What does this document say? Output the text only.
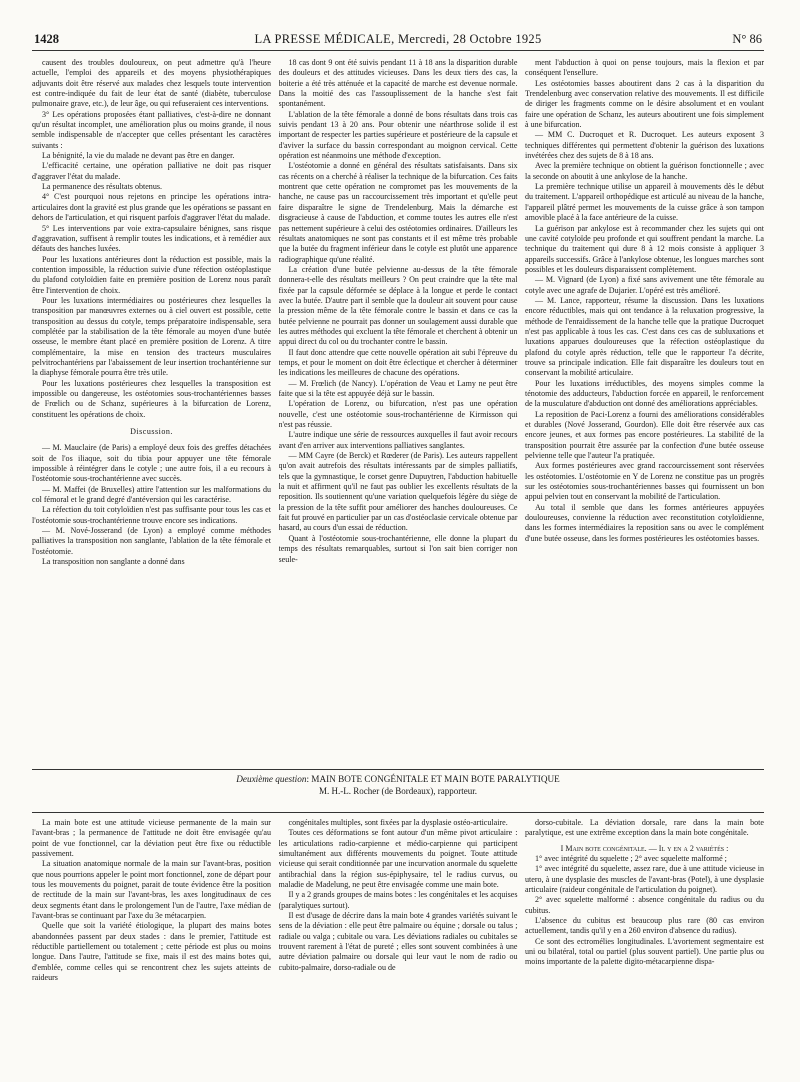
1428	LA PRESSE MÉDICALE, Mercredi, 28 Octobre 1925	N° 86

causent des troubles douloureux, on peut admettre qu'à l'heure actuelle, l'emploi des appareils et des moyens physiothérapiques adjuvants doit être réservé aux malades chez lesquels toute intervention est contre-indiquée du fait de leur état de santé (diabète, tuberculose pulmonaire grave, etc.), de leur âge, ou qui refuseraient ces interventions.

3° Les opérations proposées étant palliatives, c'est-à-dire ne donnant qu'un résultat incomplet, une amélioration plus ou moins grande, il nous semble indispensable de n'accepter que celles présentant les caractères suivants :

La bénignité, la vie du malade ne devant pas être en danger.

L'efficacité certaine, une opération palliative ne doit pas risquer d'aggraver l'état du malade.

La permanence des résultats obtenus.

4° C'est pourquoi nous rejetons en principe les opérations intra-articulaires dont la gravité est plus grande que les opérations se passant en dehors de l'articulation, et qui risquent parfois d'aggraver l'état du malade.

5° Les interventions par voie extra-capsulaire bénignes, sans risque d'aggravation, suffisent à remplir toutes les indications, et à remédier aux défauts des hanches luxées.

Pour les luxations antérieures dont la réduction est possible, mais la contention impossible, la réduction suivie d'une réfection ostéoplastique du plafond cotyloïdien faite en première position de Lorenz nous paraît être l'intervention de choix.

Pour les luxations intermédiaires ou postérieures chez lesquelles la transposition par manœuvres externes ou à ciel ouvert est possible, cette transposition au dessus du cotyle, temps préparatoire indispensable, sera complétée par la stabilisation de la tête fémorale au moyen d'une butée osseuse, le membre étant placé en première position de Lorenz. A titre complémentaire, la mise en tension des tracteurs musculaires pelvitrochantériens par l'abaissement de leur insertion trochantérienne sur la diaphyse fémorale pourra être très utile.

Pour les luxations postérieures chez lesquelles la transposition est impossible ou dangereuse, les ostéotomies sous-trochantériennes basses de Frœlich ou de Schanz, supérieures à la bifurcation de Lorenz, constituent les opérations de choix.

Discussion.

— M. Mauclaire (de Paris) a employé deux fois des greffes détachées soit de l'os iliaque, soit du tibia pour appuyer une tête fémorale impossible à réintégrer dans le cotyle ; une autre fois, il a eu recours à l'ostéotomie sous-trochantérienne avec succès.

— M. Maffei (de Bruxelles) attire l'attention sur les malformations du col fémoral et le grand degré d'antéversion qui les caractérise.

La réfection du toit cotyloïdien n'est pas suffisante pour tous les cas et l'ostéotomie sous-trochantérienne trouve encore ses indications.

— M. Nové-Josserand (de Lyon) a employé comme méthodes palliatives la transposition non sanglante, l'ablation de la tête fémorale et l'ostéotomie.

La transposition non sanglante a donné dans

18 cas dont 9 ont été suivis pendant 11 à 18 ans la disparition durable des douleurs et des attitudes vicieuses. Dans les deux tiers des cas, la boiterie a été très atténuée et la capacité de marche est devenue normale. Dans la moitié des cas l'assouplissement de la hanche s'est fait spontanément.

L'ablation de la tête fémorale a donné de bons résultats dans trois cas suivis pendant 13 à 20 ans. Pour obtenir une néarthrose solide il est important de respecter les parties supérieure et postérieure de la capsule et d'aviver la surface du bassin correspondant au moignon cervical. Cette opération est néanmoins une méthode d'exception.

L'ostéotomie a donné en général des résultats satisfaisants. Dans six cas récents on a cherché à réaliser la technique de la bifurcation. Ces faits montrent que cette opération ne compromet pas les mouvements de la hanche, ne cause pas un raccourcissement très important et qu'elle peut faire disparaître le signe de Trendelenburg. Mais la démarche est disgracieuse à cause de l'abduction, et comme toutes les autres elle n'est pas nettement supérieure à celui des ostéotomies ordinaires. D'ailleurs les résultats anatomiques ne sont pas constants et il est même très probable que la butée du fragment inférieur dans le cotyle est plutôt une apparence radiographique qu'une réalité.

La création d'une butée pelvienne au-dessus de la tête fémorale donnera-t-elle des résultats meilleurs ? On peut craindre que la tête mal fixée par la capsule déformée se déplace à la longue et perde le contact avec la butée. D'autre part il semble que la douleur ait souvent pour cause la pression même de la tête fémorale contre le bassin et dans ce cas la butée pelvienne ne pourrait pas donner un soulagement aussi durable que les autres méthodes qui excluent la tête fémorale et cherchent à obtenir un appui direct du col ou du trochanter contre le bassin.

Il faut donc attendre que cette nouvelle opération ait subi l'épreuve du temps, et pour le moment on doit être éclectique et chercher à déterminer les indications les meilleures de chacune des opérations.

— M. Frœlich (de Nancy). L'opération de Veau et Lamy ne peut être faite que si la tête est appuyée déjà sur le bassin.

L'opération de Lorenz, ou bifurcation, n'est pas une opération nouvelle, c'est une ostéotomie sous-trochantérienne de Kirmisson qui n'est pas réussie.

L'autre indique une série de ressources auxquelles il faut avoir recours avant d'en arriver aux interventions palliatives sanglantes.

— MM Cayre (de Berck) et Rœderer (de Paris). Les auteurs rappellent qu'on avait autrefois des résultats intéressants par de simples palliatifs, tels que la gymnastique, le corset genre Dupuytren, l'abduction habituelle la nuit et affirment qu'il ne faut pas oublier les excellents résultats de la reposition. Ils soutiennent qu'une variation quelquefois légère du siège de la pression de la tête suffit pour améliorer des hanches douloureuses. Ce fait fut prouvé en particulier par un cas d'ostéoclasie cervicale obtenue par hasard, au cours d'un essai de réduction.

Quant à l'ostéotomie sous-trochantérienne, elle donne la plupart du temps des résultats remarquables, surtout si l'on sait bien corriger non seule-

ment l'abduction à quoi on pense toujours, mais la flexion et par conséquent l'ensellure.

Les ostéotomies basses aboutirent dans 2 cas à la disparition du Trendelenburg avec conservation relative des mouvements. Il est difficile de diriger les fragments comme on le désire absolument et en voulant faire une opération de Schanz, les auteurs aboutirent une fois simplement à une bifurcation.

— MM C. Ducroquet et R. Ducroquet. Les auteurs exposent 3 techniques différentes qui permettent d'obtenir la guérison des luxations invétérées chez des sujets de 8 à 18 ans.

Avec la première technique on obtient la guérison fonctionnelle ; avec la seconde on aboutit à une ankylose de la hanche.

La première technique utilise un appareil à mouvements dès le début du traitement. L'appareil orthopédique est articulé au niveau de la hanche, l'appareil plâtré permet les mouvements de la cuisse grâce à son tampon amovible placé à la face antérieure de la cuisse.

La guérison par ankylose est à recommander chez les sujets qui ont une cavité cotyloïde peu profonde et qui souffrent pendant la marche. La technique du traitement qui dure 8 à 12 mois consiste à appliquer 3 appareils successifs. Grâce à l'ankylose obtenue, les longues marches sont possibles et les douleurs disparaissent complètement.

— M. Vignard (de Lyon) a fixé sans avivement une tête fémorale au cotyle avec une agrafe de Dujarier. L'opéré est très amélioré.

— M. Lance, rapporteur, résume la discussion. Dans les luxations encore réductibles, mais qui ont tendance à la reluxation progressive, la méthode de l'enraidissement de la hanche telle que la pratique Ducroquet n'est pas applicable à tous les cas. C'est dans ces cas de subluxations et luxations apparues douloureuses que la réfection ostéoplastique du plafond du cotyle après réduction, telle que le rapporteur l'a décrite, trouve sa principale indication. Elle fait disparaître les douleurs tout en conservant la mobilité articulaire.

Pour les luxations irréductibles, des moyens simples comme la ténotomie des adducteurs, l'abduction forcée en appareil, le renforcement de la musculature d'abduction ont donné des améliorations appréciables.

La reposition de Paci-Lorenz a fourni des améliorations considérables et durables (Nové Josserand, Gourdon). Elle doit être réservée aux cas encore jeunes, et aux formes pas encore postérieures. La stabilité de la transposition pourrait être assurée par la confection d'une butée osseuse pelvienne telle que l'auteur l'a pratiquée.

Aux formes postérieures avec grand raccourcissement sont réservées les ostéotomies. L'ostéotomie en Y de Lorenz ne constitue pas un progrès sur les ostéotomies sous-trochantériennes basses qui fournissent un bon appui pelvien tout en conservant la mobilité de l'articulation.

Au total il semble que dans les formes antérieures appuyées douloureuses, convienne la réduction avec reconstitution cotyloïdienne, dans les formes intermédiaires la reposition sans ou avec le complément d'une butée osseuse, dans les formes postérieures les ostéotomies basses.

Deuxième question: MAIN BOTE CONGÉNITALE ET MAIN BOTE PARALYTIQUE
M. H.-L. Rocher (de Bordeaux), rapporteur.

La main bote est une attitude vicieuse permanente de la main sur l'avant-bras ; la permanence de l'attitude ne doit être envisagée qu'au point de vue fonctionnel, car la déviation peut être fixe ou réductible passivement.

La situation anatomique normale de la main sur l'avant-bras, position que nous pourrions appeler le point mort fonctionnel, zone de départ pour tous les mouvements du poignet, parait de toute évidence être la position de rectitude de la main sur l'avant-bras, les axes longitudinaux de ces deux segments étant dans le prolongement l'un de l'autre, l'axe médian de l'avant-bras se continuant par l'axe du 3e métacarpien.

Quelle que soit la variété étiologique, la plupart des mains botes abandonnées passent par deux stades : dans le premier, l'attitude est réductible partiellement ou totalement ; cette période est plus ou moins longue. Dans l'autre, l'attitude se fixe, mais il est des mains botes qui, d'emblée, comme celles qui se rencontrent chez les sujets atteints de raideurs

congénitales multiples, sont fixées par la dysplasie ostéo-articulaire.

Toutes ces déformations se font autour d'un même pivot articulaire : les articulations radio-carpienne et médio-carpienne qui participent simultanément aux différents mouvements du poignet. Toute attitude vicieuse qui serait conditionnée par une incurvation anormale du squelette antibrachial dans la région sus-épiphysaire, tel le radius curvus, ou maladie de Madelung, ne peut être envisagée comme une main bote.

Il y a 2 grands groupes de mains botes : les congénitales et les acquises (paralytiques surtout).

Il est d'usage de décrire dans la main bote 4 grandes variétés suivant le sens de la déviation : elle peut être palmaire ou équine ; dorsale ou talus ; radiale ou valga ; cubitale ou vara. Les déviations radiales ou cubitales se trouvent rarement à l'état de pureté ; elles sont souvent combinées à une autre déviation palmaire ou dorsale qui leur vaut le nom de radio ou cubito-palmaire, dorso-radiale ou de

dorso-cubitale. La déviation dorsale, rare dans la main bote paralytique, est une extrême exception dans la main bote congénitale.

I Main bote congénitale. — Il y en a 2 variétés :

1° avec intégrité du squelette ; 2° avec squelette malformé ;

1° avec intégrité du squelette, assez rare, due à une attitude vicieuse in utero, à une dysplasie des muscles de l'avant-bras (Potel), à une dysplasie articulaire (raideur congénitale de l'articulation du poignet).

2° avec squelette malformé : absence congénitale du radius ou du cubitus.

L'absence du cubitus est beaucoup plus rare (80 cas environ actuellement, tandis qu'il y en a 260 environ d'absence du radius).

Ce sont des ectromélies longitudinales. L'avortement segmentaire est uni ou bilatéral, total ou partiel (plus souvent partiel). Une partie plus ou moins importante de la palette digito-métacarpienne dispa-
